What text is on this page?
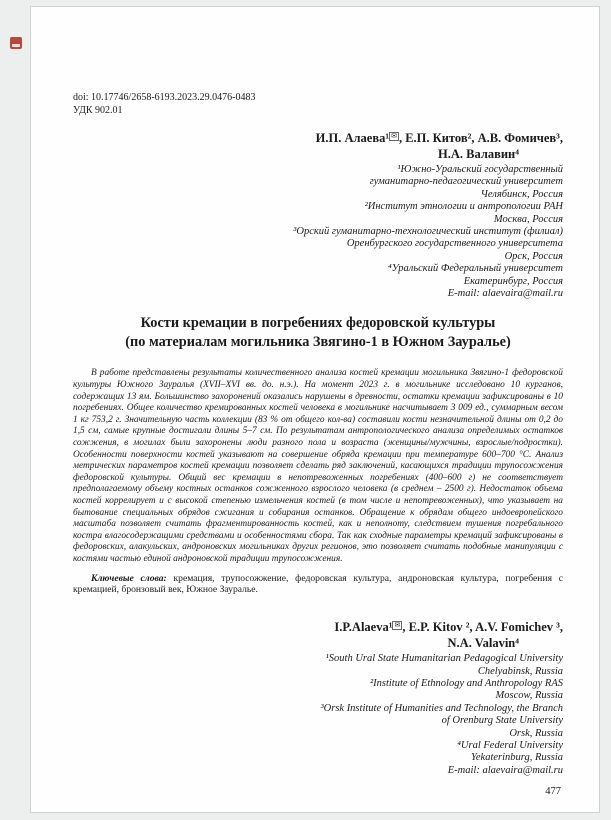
doi: 10.17746/2658-6193.2023.29.0476-0483
УДК 902.01
И.П. Алаева¹ ✉ , Е.П. Китов², А.В. Фомичев³,
Н.А. Валавин⁴
¹Южно-Уральский государственный
гуманитарно-педагогический университет
Челябинск, Россия
²Институт этнологии и антропологии РАН
Москва, Россия
³Орский гуманитарно-технологический институт (филиал)
Оренбургского государственного университета
Орск, Россия
⁴Уральский Федеральный университет
Екатеринбург, Россия
E-mail: alaevaira@mail.ru
Кости кремации в погребениях федоровской культуры
(по материалам могильника Звягино-1 в Южном Зауралье)

В работе представлены результаты количественного анализа костей кремации могильника Звягино-1 федоровской культуры Южного Зауралья (XVII–XVI вв. до. н.э.). На момент 2023 г. в могильнике исследовано 10 курганов, содержащих 13 ям. Большинство захоронений оказались нарушены в древности, остатки кремации зафиксированы в 10 погребениях. Общее количество кремированных костей человека в могильнике насчитывает 3 009 ед., суммарным весом 1 кг 753,2 г. Значительную часть коллекции (83 % от общего кол-ва) составили кости незначительной длины от 0,2 до 1,5 см, самые крупные достигали длины 5–7 см. По результатам антропологического анализа определимых остатков сожжения, в могилах были захоронены люди разного пола и возраста (женщины/мужчины, взрослые/подростки). Особенности поверхности костей указывают на совершение обряда кремации при температуре 600–700 °С. Анализ метрических параметров костей кремации позволяет сделать ряд заключений, касающихся традиции трупосожжения федоровской культуры. Общий вес кремации в непотревоженных погребениях (400–600 г) не соответствует предполагаемому объему костных останков сожженного взрослого человека (в среднем – 2500 г). Недостаток объема костей коррелирует и с высокой степенью измельчения костей (в том числе и непотревоженных), что указывает на бытование специальных обрядов сжигания и собирания останков. Обращение к обрядам общего индоевропейского масштаба позволяет считать фрагментированность костей, как и неполноту, следствием тушения погребального костра влагосодержащими средствами и особенностями сбора. Так как сходные параметры кремаций зафиксированы в федоровских, алакульских, андроновских могильниках других регионов, это позволяет считать подобные манипуляции с костями частью единой андроновской традиции трупосожжения.

Ключевые слова: кремация, трупосожжение, федоровская культура, андроновская культура, погребения с кремацией, бронзовый век, Южное Зауралье.

I.P.Alaeva¹ ✉ , E.P. Kitov ², A.V. Fomichev ³,
N.A. Valavin⁴
¹South Ural State Humanitarian Pedagogical University
Chelyabinsk, Russia
²Institute of Ethnology and Anthropology RAS
Moscow, Russia
³Orsk Institute of Humanities and Technology, the Branch
of Orenburg State University
Orsk, Russia
⁴Ural Federal University
Yekaterinburg, Russia
E-mail: alaevaira@mail.ru
477
